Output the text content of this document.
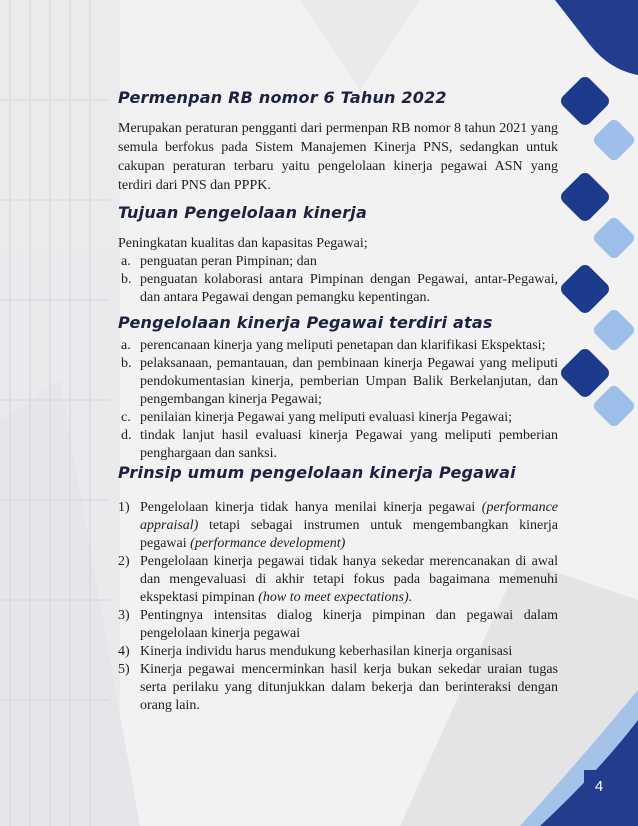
Permenpan RB nomor 6 Tahun 2022

Merupakan peraturan pengganti dari permenpan RB nomor 8 tahun 2021 yang semula berfokus pada Sistem Manajemen Kinerja PNS, sedangkan untuk cakupan peraturan terbaru yaitu pengelolaan kinerja pegawai ASN yang terdiri dari PNS dan PPPK.

Tujuan Pengelolaan kinerja

Peningkatan kualitas dan kapasitas Pegawai;

a. penguatan peran Pimpinan; dan
b. penguatan kolaborasi antara Pimpinan dengan Pegawai, antar-Pegawai, dan antara Pegawai dengan pemangku kepentingan.
Pengelolaan kinerja Pegawai terdiri atas
a. perencanaan kinerja yang meliputi penetapan dan klarifikasi Ekspektasi;
b. pelaksanaan, pemantauan, dan pembinaan kinerja Pegawai yang meliputi pendokumentasian kinerja, pemberian Umpan Balik Berkelanjutan, dan pengembangan kinerja Pegawai;
c. penilaian kinerja Pegawai yang meliputi evaluasi kinerja Pegawai;
d. tindak lanjut hasil evaluasi kinerja Pegawai yang meliputi pemberian penghargaan dan sanksi.
Prinsip umum pengelolaan kinerja Pegawai
1) Pengelolaan kinerja tidak hanya menilai kinerja pegawai (performance appraisal) tetapi sebagai instrumen untuk mengembangkan kinerja pegawai (performance development)
2) Pengelolaan kinerja pegawai tidak hanya sekedar merencanakan di awal dan mengevaluasi di akhir tetapi fokus pada bagaimana memenuhi ekspektasi pimpinan (how to meet expectations).
3) Pentingnya intensitas dialog kinerja pimpinan dan pegawai dalam pengelolaan kinerja pegawai
4) Kinerja individu harus mendukung keberhasilan kinerja organisasi
5) Kinerja pegawai mencerminkan hasil kerja bukan sekedar uraian tugas serta perilaku yang ditunjukkan dalam bekerja dan berinteraksi dengan orang lain.
4
